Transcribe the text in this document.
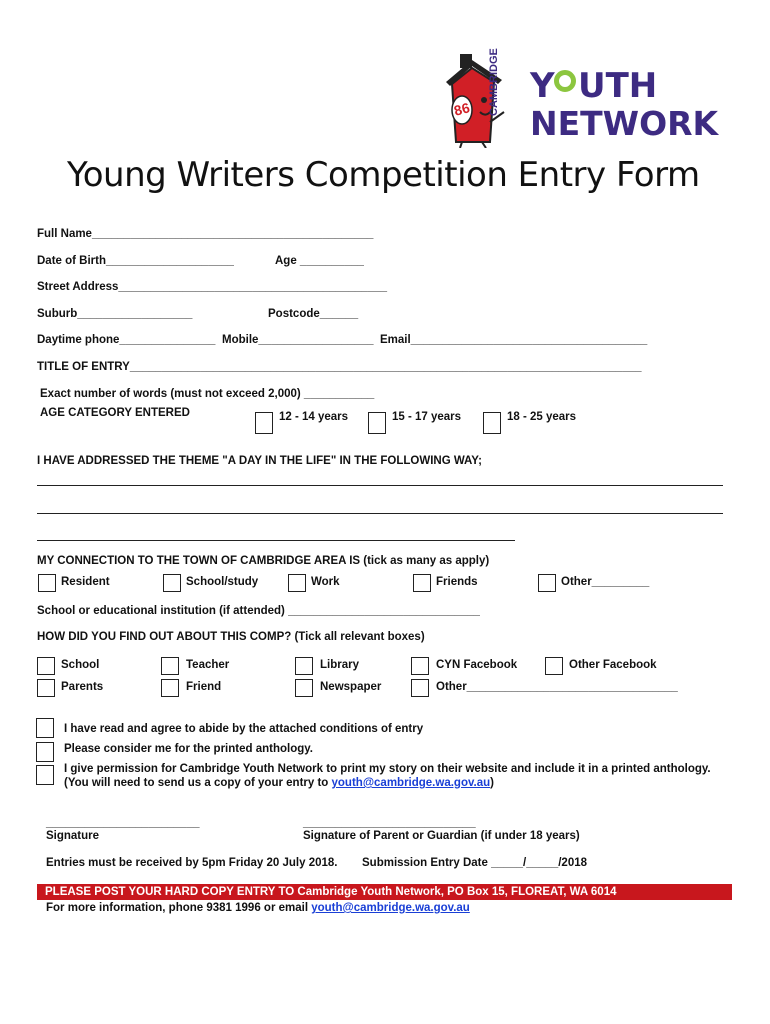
86 CAMBRIDGE Y UTH
NETWORK
Young Writers Competition Entry Form
Full Name____________________________________________
Date of Birth____________________	Age __________
Street Address__________________________________________
Suburb__________________	Postcode______
Daytime phone_______________ Mobile__________________ Email_____________________________________
TITLE OF ENTRY________________________________________________________________________________
Exact number of words (must not exceed 2,000) ___________
AGE CATEGORY ENTERED	12 - 14 years	15 - 17 years	18 - 25 years
I HAVE ADDRESSED THE THEME "A DAY IN THE LIFE" IN THE FOLLOWING WAY;
MY CONNECTION TO THE TOWN OF CAMBRIDGE AREA IS (tick as many as apply)
Resident	School/study	Work	Friends	Other_________
School or educational institution (if attended) ______________________________
HOW DID YOU FIND OUT ABOUT THIS COMP? (Tick all relevant boxes)
School	Teacher	Library	CYN Facebook	Other Facebook
Parents	Friend	Newspaper	Other_________________________________
I have read and agree to abide by the attached conditions of entry
Please consider me for the printed anthology.
I give permission for Cambridge Youth Network to print my story on their website and include it in a printed anthology.
(You will need to send us a copy of your entry to youth@cambridge.wa.gov.au)
________________________
Signature
___________________________
Signature of Parent or Guardian (if under 18 years)
Entries must be received by 5pm Friday 20 July 2018. Submission Entry Date _____/_____/2018
PLEASE POST YOUR HARD COPY ENTRY TO Cambridge Youth Network, PO Box 15, FLOREAT, WA 6014
For more information, phone 9381 1996 or email youth@cambridge.wa.gov.au
